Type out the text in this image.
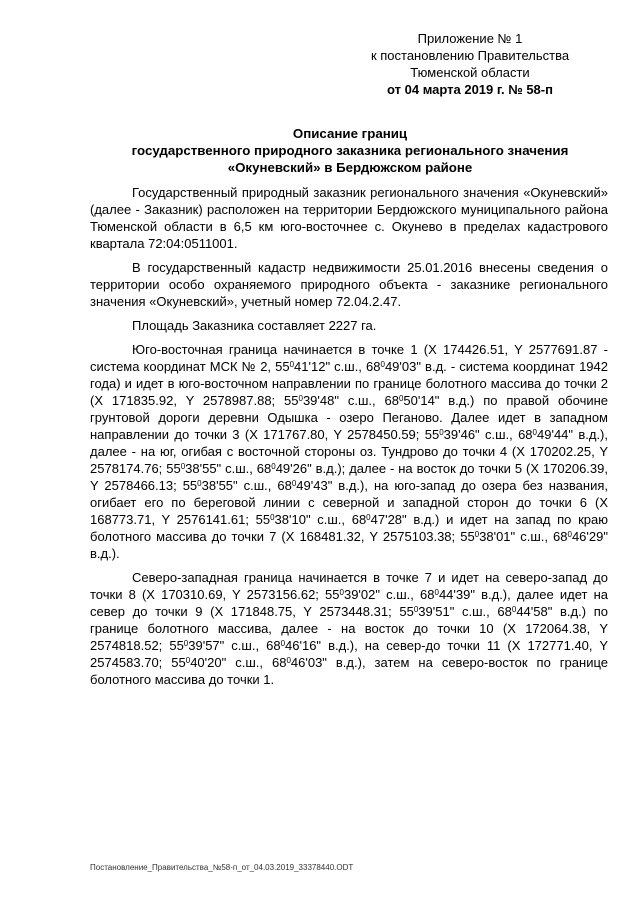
Приложение № 1
к постановлению Правительства
Тюменской области
от 04 марта 2019 г. № 58-п
Описание границ
государственного природного заказника регионального значения
«Окуневский» в Бердюжском районе

Государственный природный заказник регионального значения «Окуневский» (далее - Заказник) расположен на территории Бердюжского муниципального района Тюменской области в 6,5 км юго-восточнее с. Окунево в пределах кадастрового квартала 72:04:0511001.

В государственный кадастр недвижимости 25.01.2016 внесены сведения о территории особо охраняемого природного объекта - заказнике регионального значения «Окуневский», учетный номер 72.04.2.47.

Площадь Заказника составляет 2227 га.

Юго-восточная граница начинается в точке 1 (X 174426.51, Y 2577691.87 - система координат МСК № 2, $55^041'12$" с.ш., $68^049'03$" в.д. - система координат 1942 года) и идет в юго-восточном направлении по границе болотного массива до точки 2 (X 171835.92, Y 2578987.88; $55^039'48$" с.ш., $68^050'14$" в.д.) по правой обочине грунтовой дороги деревни Одышка - озеро Пеганово. Далее идет в западном направлении до точки 3 (X 171767.80, Y 2578450.59; $55^039'46$" с.ш., $68^049'44$" в.д.), далее - на юг, огибая с восточной стороны оз. Тундрово до точки 4 (X 170202.25, Y 2578174.76; $55^038'55$" с.ш., $68^049'26$" в.д.); далее - на восток до точки 5 (X 170206.39, Y 2578466.13; $55^038'55$" с.ш., $68^049'43$" в.д.), на юго-запад до озера без названия, огибает его по береговой линии с северной и западной сторон до точки 6 (X 168773.71, Y 2576141.61; $55^038'10$" с.ш., $68^047'28$" в.д.) и идет на запад по краю болотного массива до точки 7 (X 168481.32, Y 2575103.38; $55^038'01$" с.ш., $68^046'29$" в.д.).

Северо-западная граница начинается в точке 7 и идет на северо-запад до точки 8 (X 170310.69, Y 2573156.62; $55^039'02$" с.ш., $68^044'39$" в.д.), далее идет на север до точки 9 (X 171848.75, Y 2573448.31; $55^039'51$" с.ш., $68^044'58$" в.д.) по границе болотного массива, далее - на восток до точки 10 (X 172064.38, Y 2574818.52; $55^039'57$" с.ш., $68^046'16$" в.д.), на север-до точки 11 (X 172771.40, Y 2574583.70; $55^040'20$" с.ш., $68^046'03$" в.д.), затем на северо-восток по границе болотного массива до точки 1.

Постановление_Правительства_№58-п_от_04.03.2019_33378440.ODT
